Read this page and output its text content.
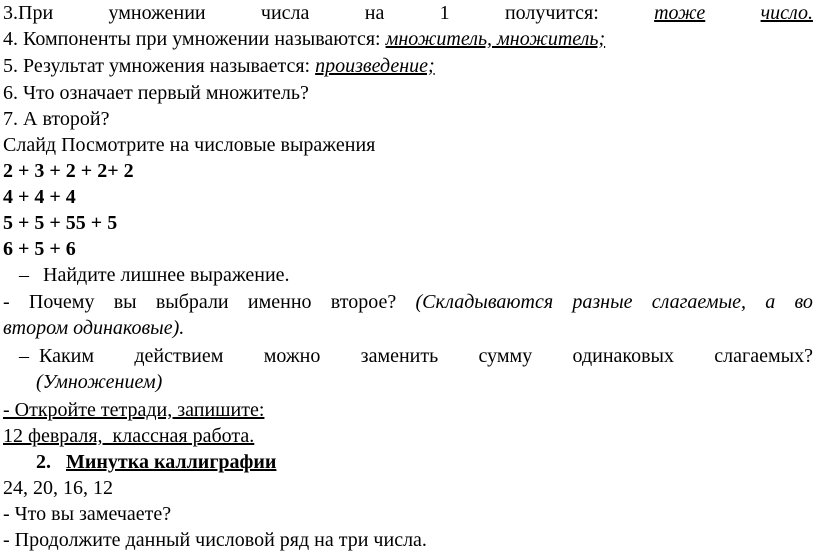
3.При	умножении	числа	на	1	получится:	тоже	число.
4. Компоненты при умножении называются: множитель, множитель;
5. Результат умножения называется: произведение;
6. Что означает первый множитель?
7. А второй?
Слайд Посмотрите на числовые выражения
2 + 3 + 2 + 2+ 2
4 + 4 + 4
5 + 5 + 55 + 5
6 + 5 + 6
– Найдите лишнее выражение.
- Почему вы выбрали именно второе? (Складываются разные слагаемые, а во
втором одинаковые).
– Каким действием можно заменить сумму одинаковых слагаемых?
(Умножением)
- Откройте тетради, запишите:
12 февраля,  классная работа.
2. Минутка каллиграфии
24, 20, 16, 12
- Что вы замечаете?
- Продолжите данный числовой ряд на три числа.
